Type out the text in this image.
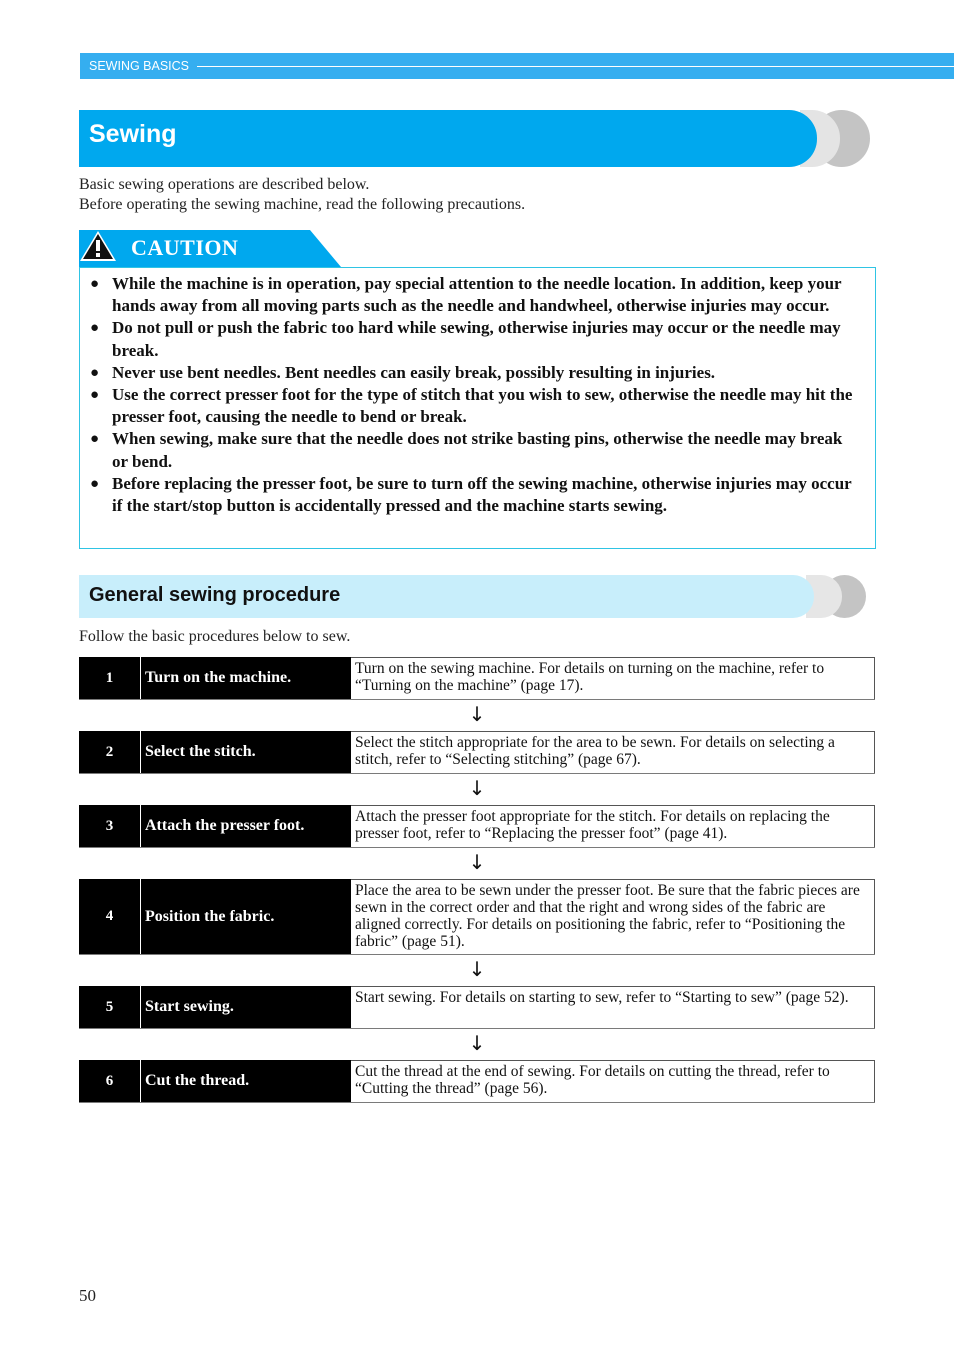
SEWING BASICS
Sewing

Basic sewing operations are described below.

Before operating the sewing machine, read the following precautions.

CAUTION
● While the machine is in operation, pay special attention to the needle location. In addition, keep your hands away from all moving parts such as the needle and handwheel, otherwise injuries may occur.
● Do not pull or push the fabric too hard while sewing, otherwise injuries may occur or the needle may break.
● Never use bent needles. Bent needles can easily break, possibly resulting in injuries.
● Use the correct presser foot for the type of stitch that you wish to sew, otherwise the needle may hit the presser foot, causing the needle to bend or break.
● When sewing, make sure that the needle does not strike basting pins, otherwise the needle may break or bend.
● Before replacing the presser foot, be sure to turn off the sewing machine, otherwise injuries may occur if the start/stop button is accidentally pressed and the machine starts sewing.
General sewing procedure
Follow the basic procedures below to sew.
1	Turn on the machine.
Turn on the sewing machine. For details on turning on the machine, refer to “Turning on the machine” (page 17).
↓
2	Select the stitch.
Select the stitch appropriate for the area to be sewn. For details on selecting a stitch, refer to “Selecting stitching” (page 67).
↓
3	Attach the presser foot.
Attach the presser foot appropriate for the stitch. For details on replacing the presser foot, refer to “Replacing the presser foot” (page 41).
↓
4	Position the fabric.
Place the area to be sewn under the presser foot. Be sure that the fabric pieces are sewn in the correct order and that the right and wrong sides of the fabric are aligned correctly. For details on positioning the fabric, refer to “Positioning the fabric” (page 51).
↓
5	Start sewing.
Start sewing. For details on starting to sew, refer to “Starting to sew” (page 52).
↓
6	Cut the thread.
Cut the thread at the end of sewing. For details on cutting the thread, refer to “Cutting the thread” (page 56).
50
